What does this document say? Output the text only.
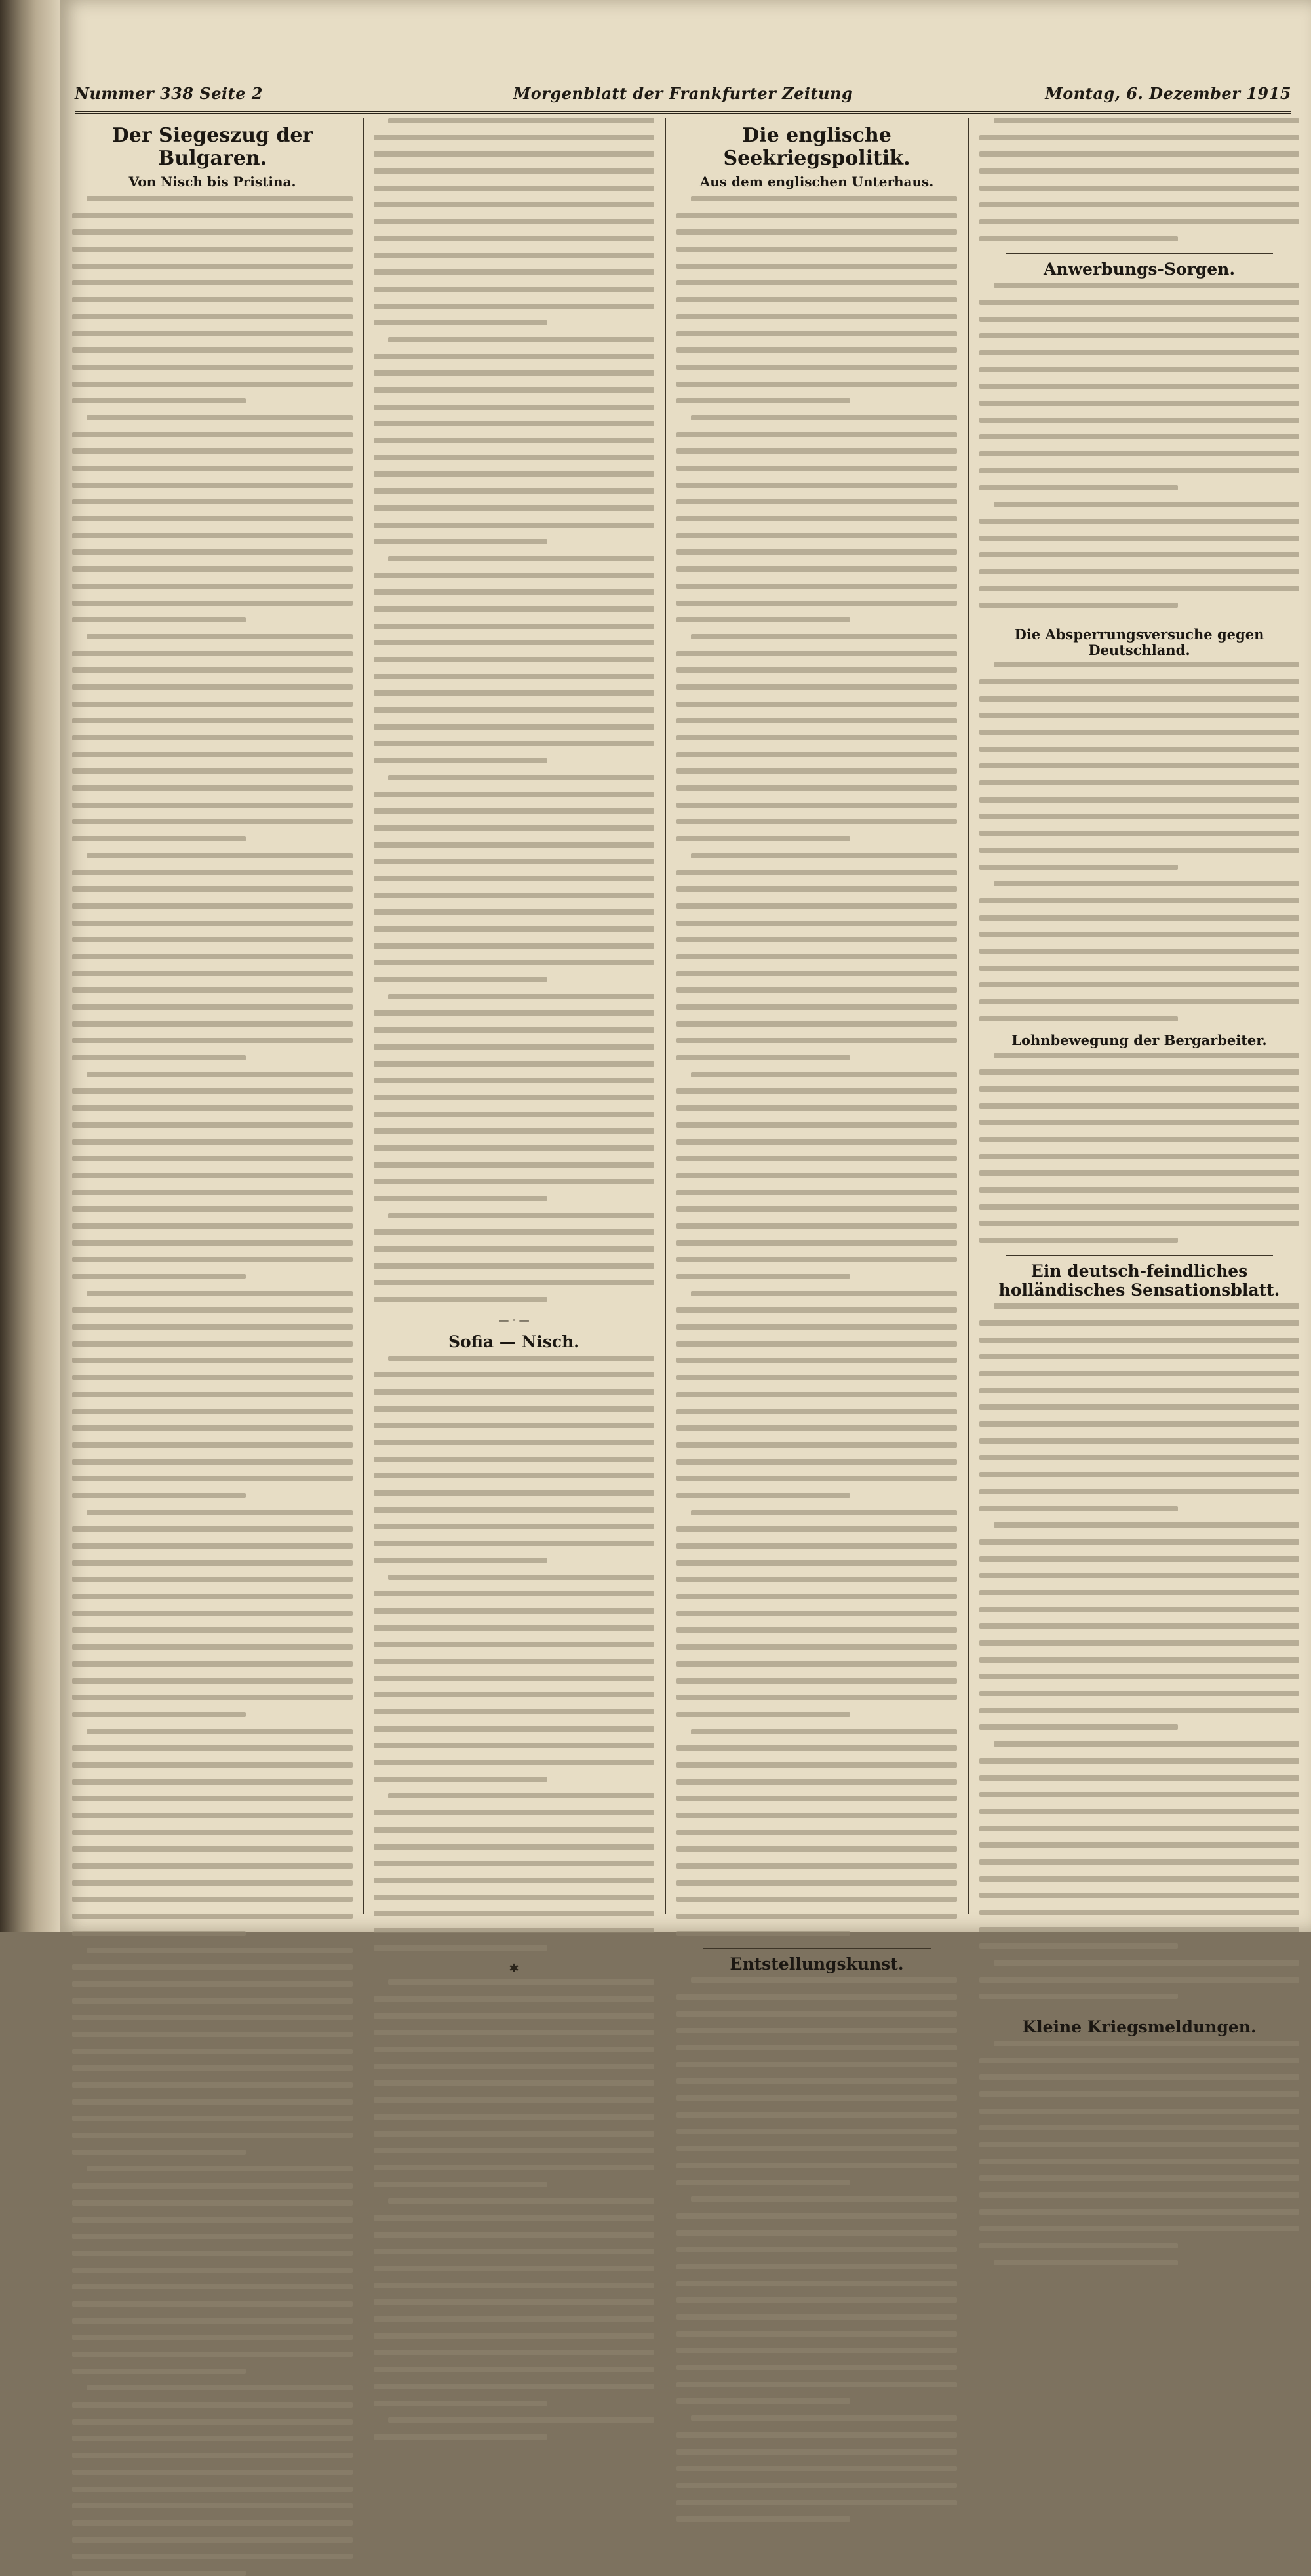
Nummer 338 Seite 2	Morgenblatt der Frankfurter Zeitung	Montag, 6. Dezember 1915
Der Siegeszug der Bulgaren.
Von Nisch bis Pristina.
— · —
Sofia — Nisch.
✱
Die englische Seekriegspolitik.
Aus dem englischen Unterhaus.
Entstellungskunst.
Anwerbungs-Sorgen.
Die Absperrungsversuche gegen Deutschland.
Lohnbewegung der Bergarbeiter.
Ein deutsch-feindliches holländisches Sensationsblatt.
Kleine Kriegsmeldungen.
